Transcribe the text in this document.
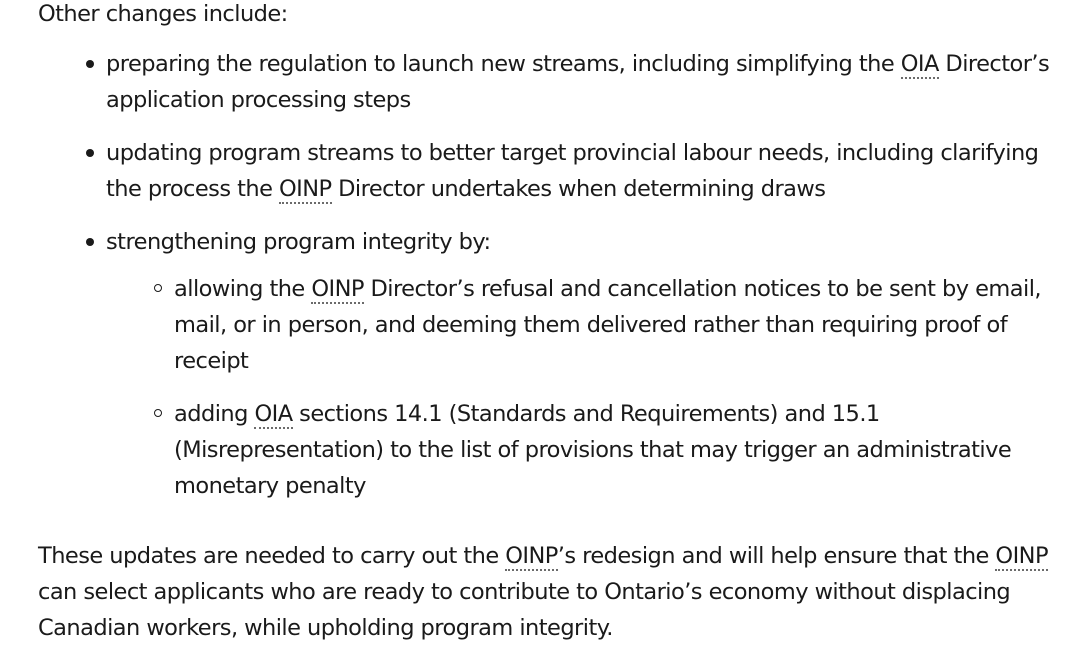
Other changes include:

preparing the regulation to launch new streams, including simplifying the OIA Director’s application processing steps
updating program streams to better target provincial labour needs, including clarifying the process the OINP Director undertakes when determining draws
strengthening program integrity by:
allowing the OINP Director’s refusal and cancellation notices to be sent by email, mail, or in person, and deeming them delivered rather than requiring proof of receipt
adding OIA sections 14.1 (Standards and Requirements) and 15.1 (Misrepresentation) to the list of provisions that may trigger an administrative monetary penalty

These updates are needed to carry out the OINP’s redesign and will help ensure that the OINP can select applicants who are ready to contribute to Ontario’s economy without displacing Canadian workers, while upholding program integrity.
